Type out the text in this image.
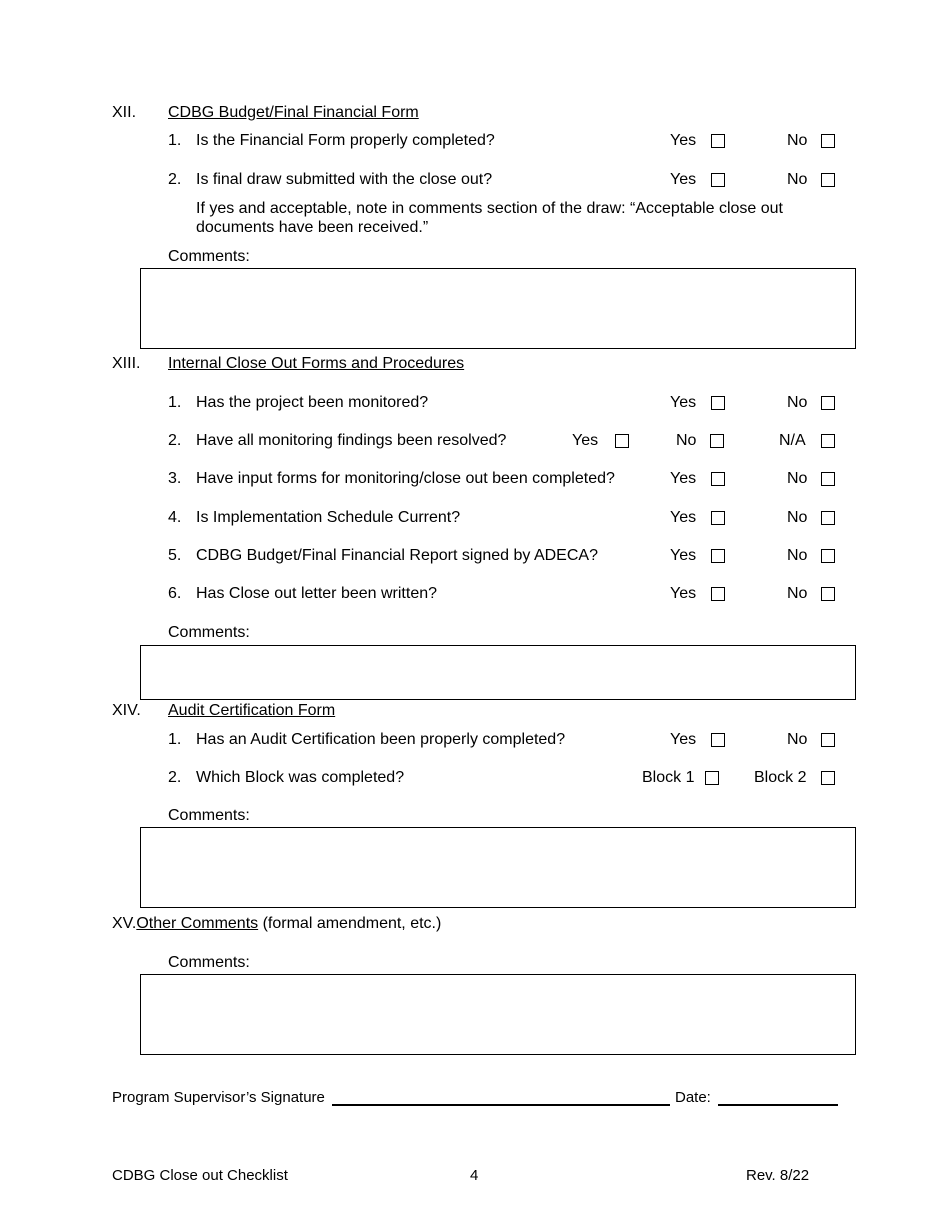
XII. CDBG Budget/Final Financial Form
1. Is the Financial Form properly completed?	Yes	No
2. Is final draw submitted with the close out?	Yes	No
If yes and acceptable, note in comments section of the draw: “Acceptable close out
documents have been received.”
Comments:
XIII. Internal Close Out Forms and Procedures
1. Has the project been monitored?	Yes	No
2. Have all monitoring findings been resolved?	Yes	No	N/A
3. Have input forms for monitoring/close out been completed?	Yes	No
4. Is Implementation Schedule Current?	Yes	No
5. CDBG Budget/Final Financial Report signed by ADECA?	Yes	No
6. Has Close out letter been written?	Yes	No
Comments:
XIV. Audit Certification Form
1. Has an Audit Certification been properly completed?	Yes	No
2. Which Block was completed?	Block 1	Block 2
Comments:
XV.Other Comments (formal amendment, etc.)
Comments:
Program Supervisor’s Signature	Date:
CDBG Close out Checklist	4	Rev. 8/22
